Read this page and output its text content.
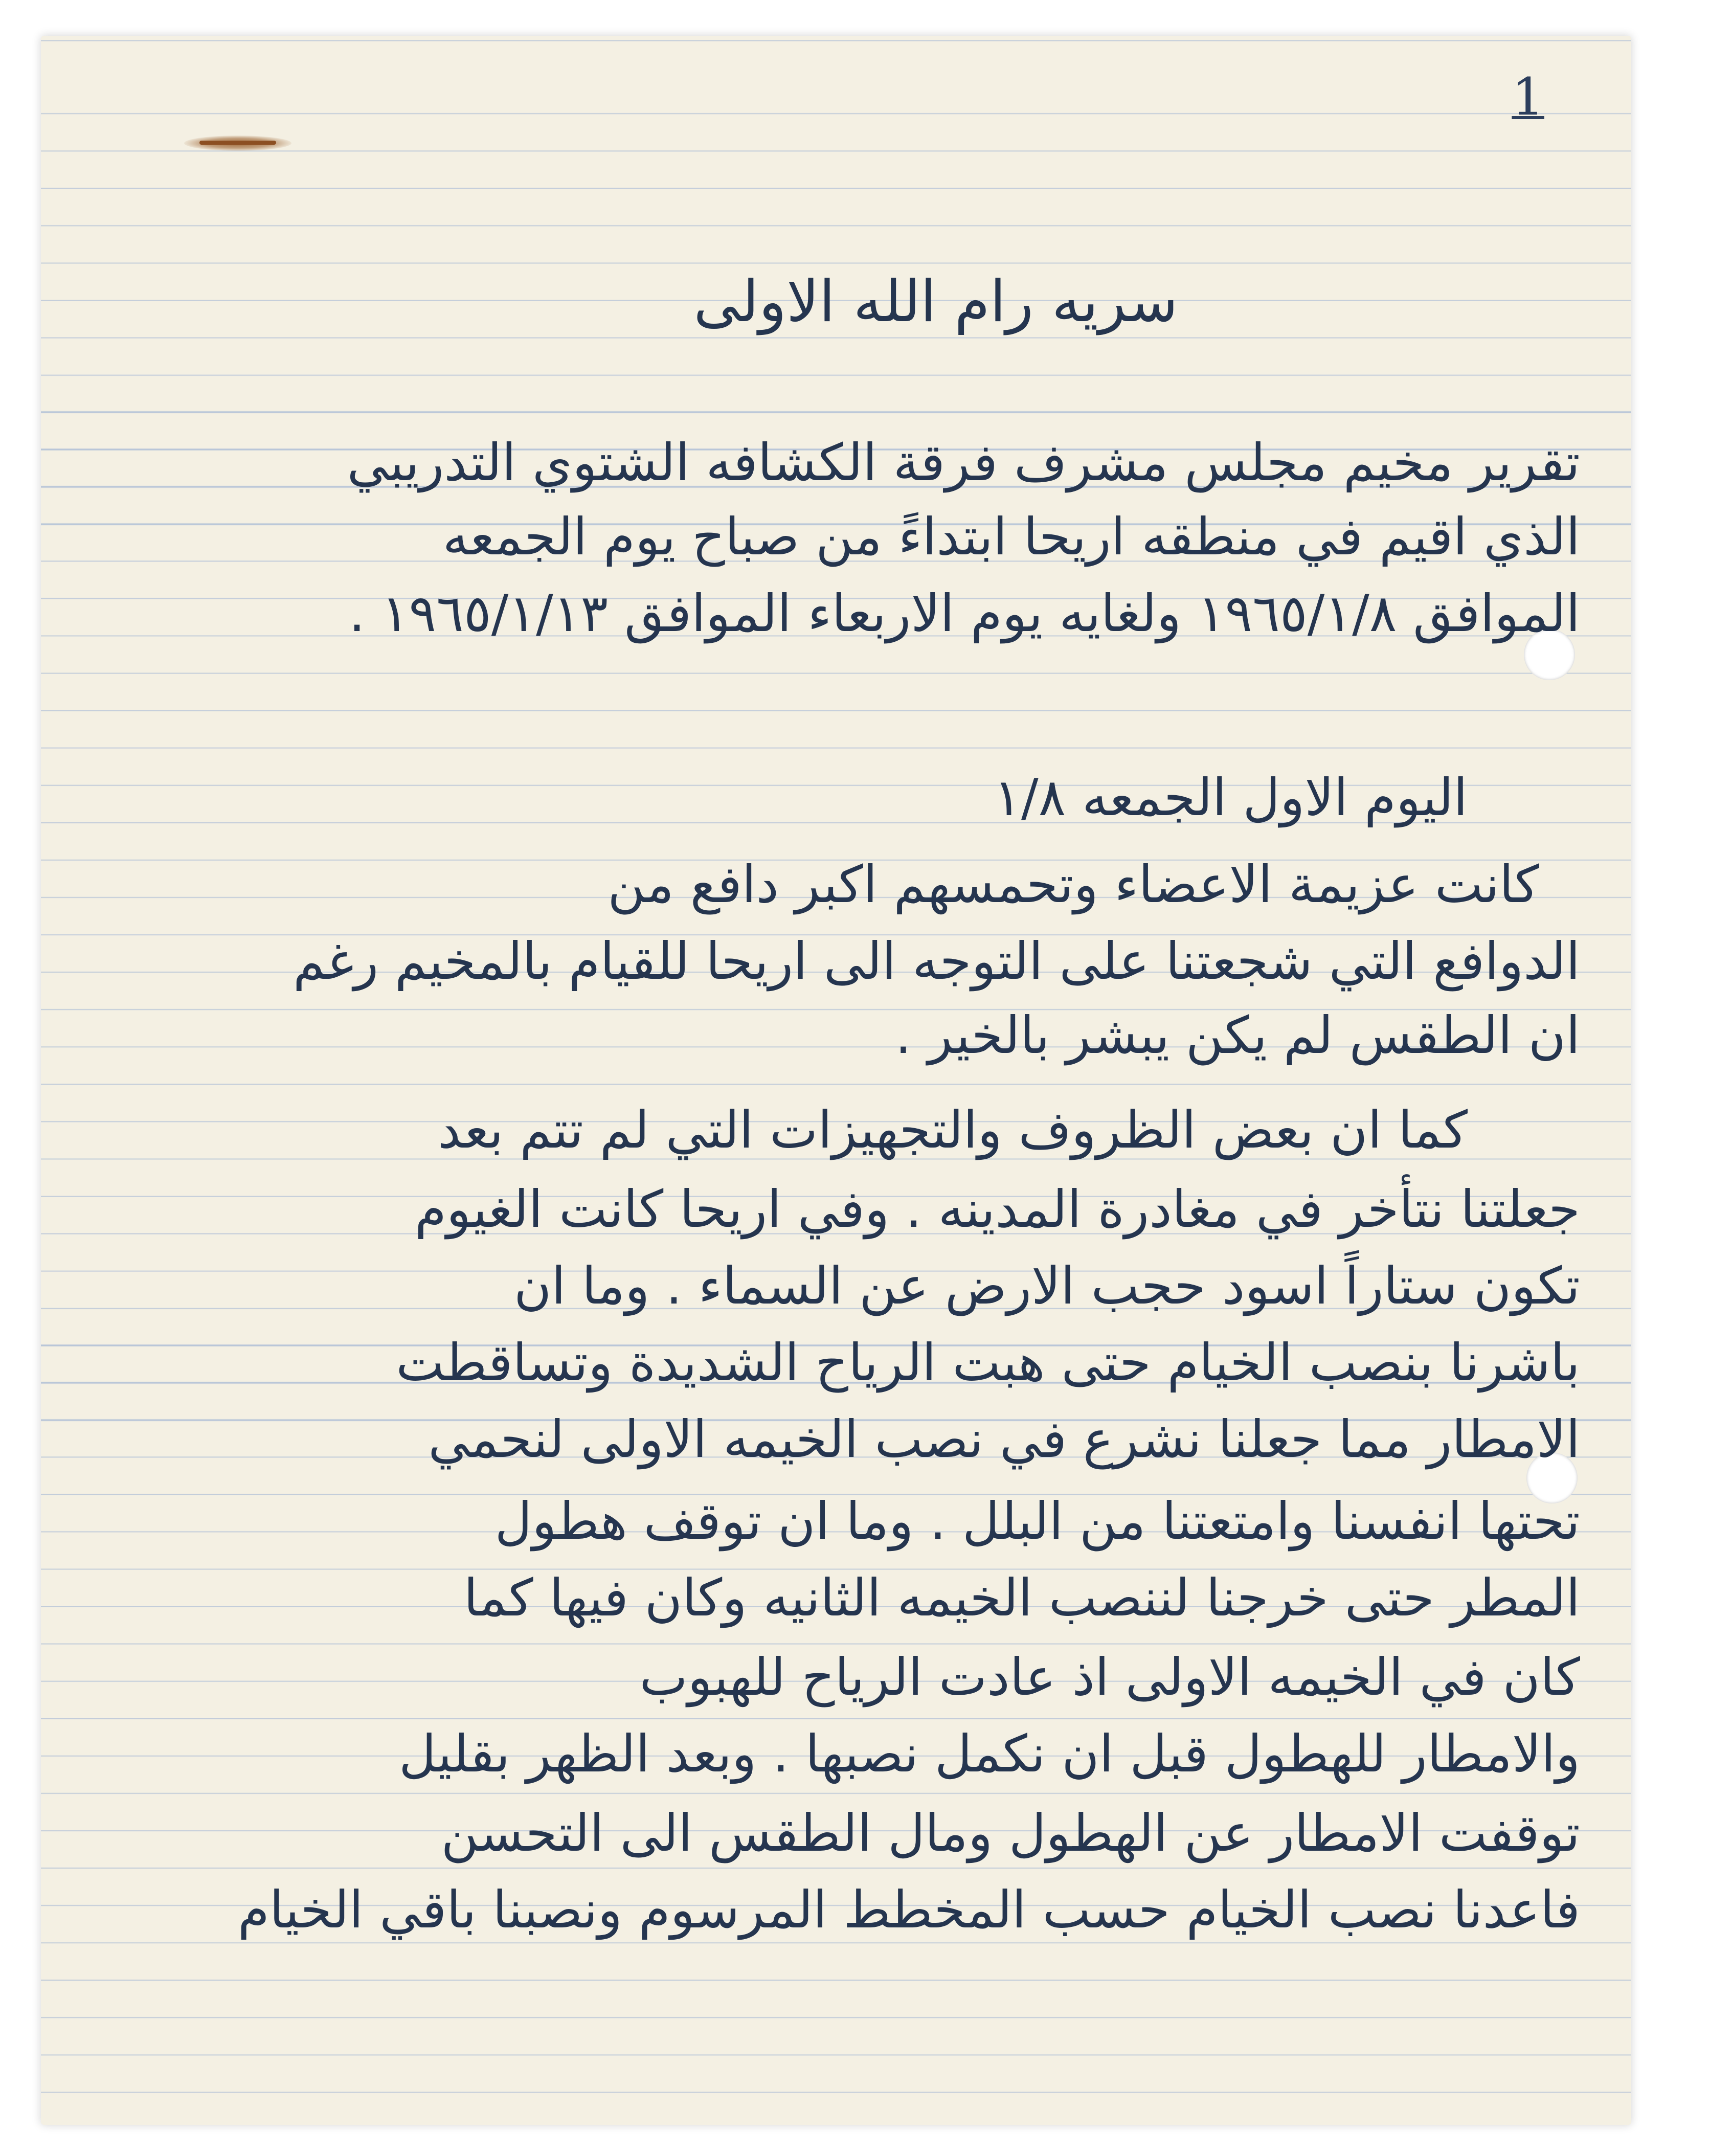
1
سريه رام الله الاولى
تقرير مخيم مجلس مشرف فرقة الكشافه الشتوي التدريبي
الذي اقيم في منطقه اريحا ابتداءً من صباح يوم الجمعه
الموافق ١٩٦٥/١/٨ ولغايه يوم الاربعاء الموافق ١٩٦٥/١/١٣ .
اليوم الاول الجمعه ١/٨
كانت عزيمة الاعضاء وتحمسهم اكبر دافع من
الدوافع التي شجعتنا على التوجه الى اريحا للقيام بالمخيم رغم
ان الطقس لم يكن يبشر بالخير .
كما ان بعض الظروف والتجهيزات التي لم تتم بعد
جعلتنا نتأخر في مغادرة المدينه . وفي اريحا كانت الغيوم
تكون ستاراً اسود حجب الارض عن السماء . وما ان
باشرنا بنصب الخيام حتى هبت الرياح الشديدة وتساقطت
الامطار مما جعلنا نشرع في نصب الخيمه الاولى لنحمي
تحتها انفسنا وامتعتنا من البلل . وما ان توقف هطول
المطر حتى خرجنا لننصب الخيمه الثانيه وكان فيها كما
كان في الخيمه الاولى اذ عادت الرياح للهبوب
والامطار للهطول قبل ان نكمل نصبها . وبعد الظهر بقليل
توقفت الامطار عن الهطول ومال الطقس الى التحسن
فاعدنا نصب الخيام حسب المخطط المرسوم ونصبنا باقي الخيام
